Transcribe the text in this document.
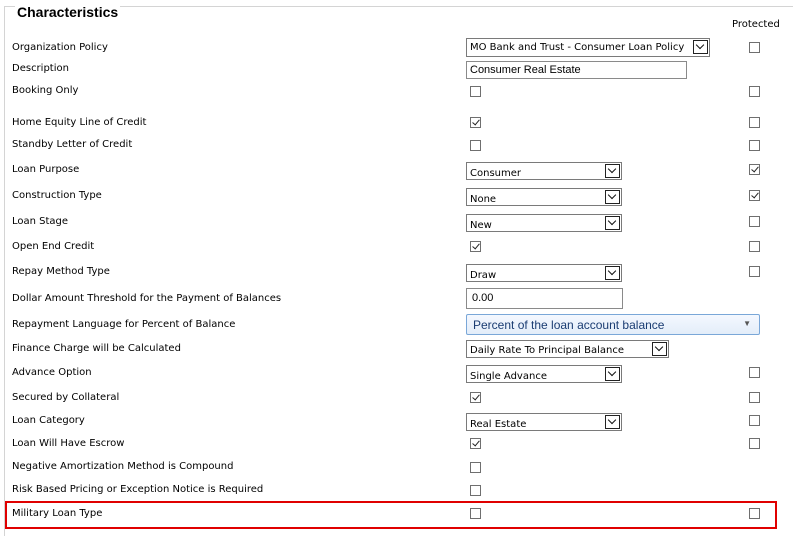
Characteristics
Protected
Organization Policy	MO Bank and Trust - Consumer Loan Policy
Description	Consumer Real Estate
Booking Only
Home Equity Line of Credit
Standby Letter of Credit
Loan Purpose	Consumer
Construction Type	None
Loan Stage	New
Open End Credit
Repay Method Type	Draw
Dollar Amount Threshold for the Payment of Balances	0.00
Repayment Language for Percent of Balance	Percent of the loan account balance	▼
Finance Charge will be Calculated	Daily Rate To Principal Balance
Advance Option	Single Advance
Secured by Collateral
Loan Category	Real Estate
Loan Will Have Escrow
Negative Amortization Method is Compound
Risk Based Pricing or Exception Notice is Required
Military Loan Type
